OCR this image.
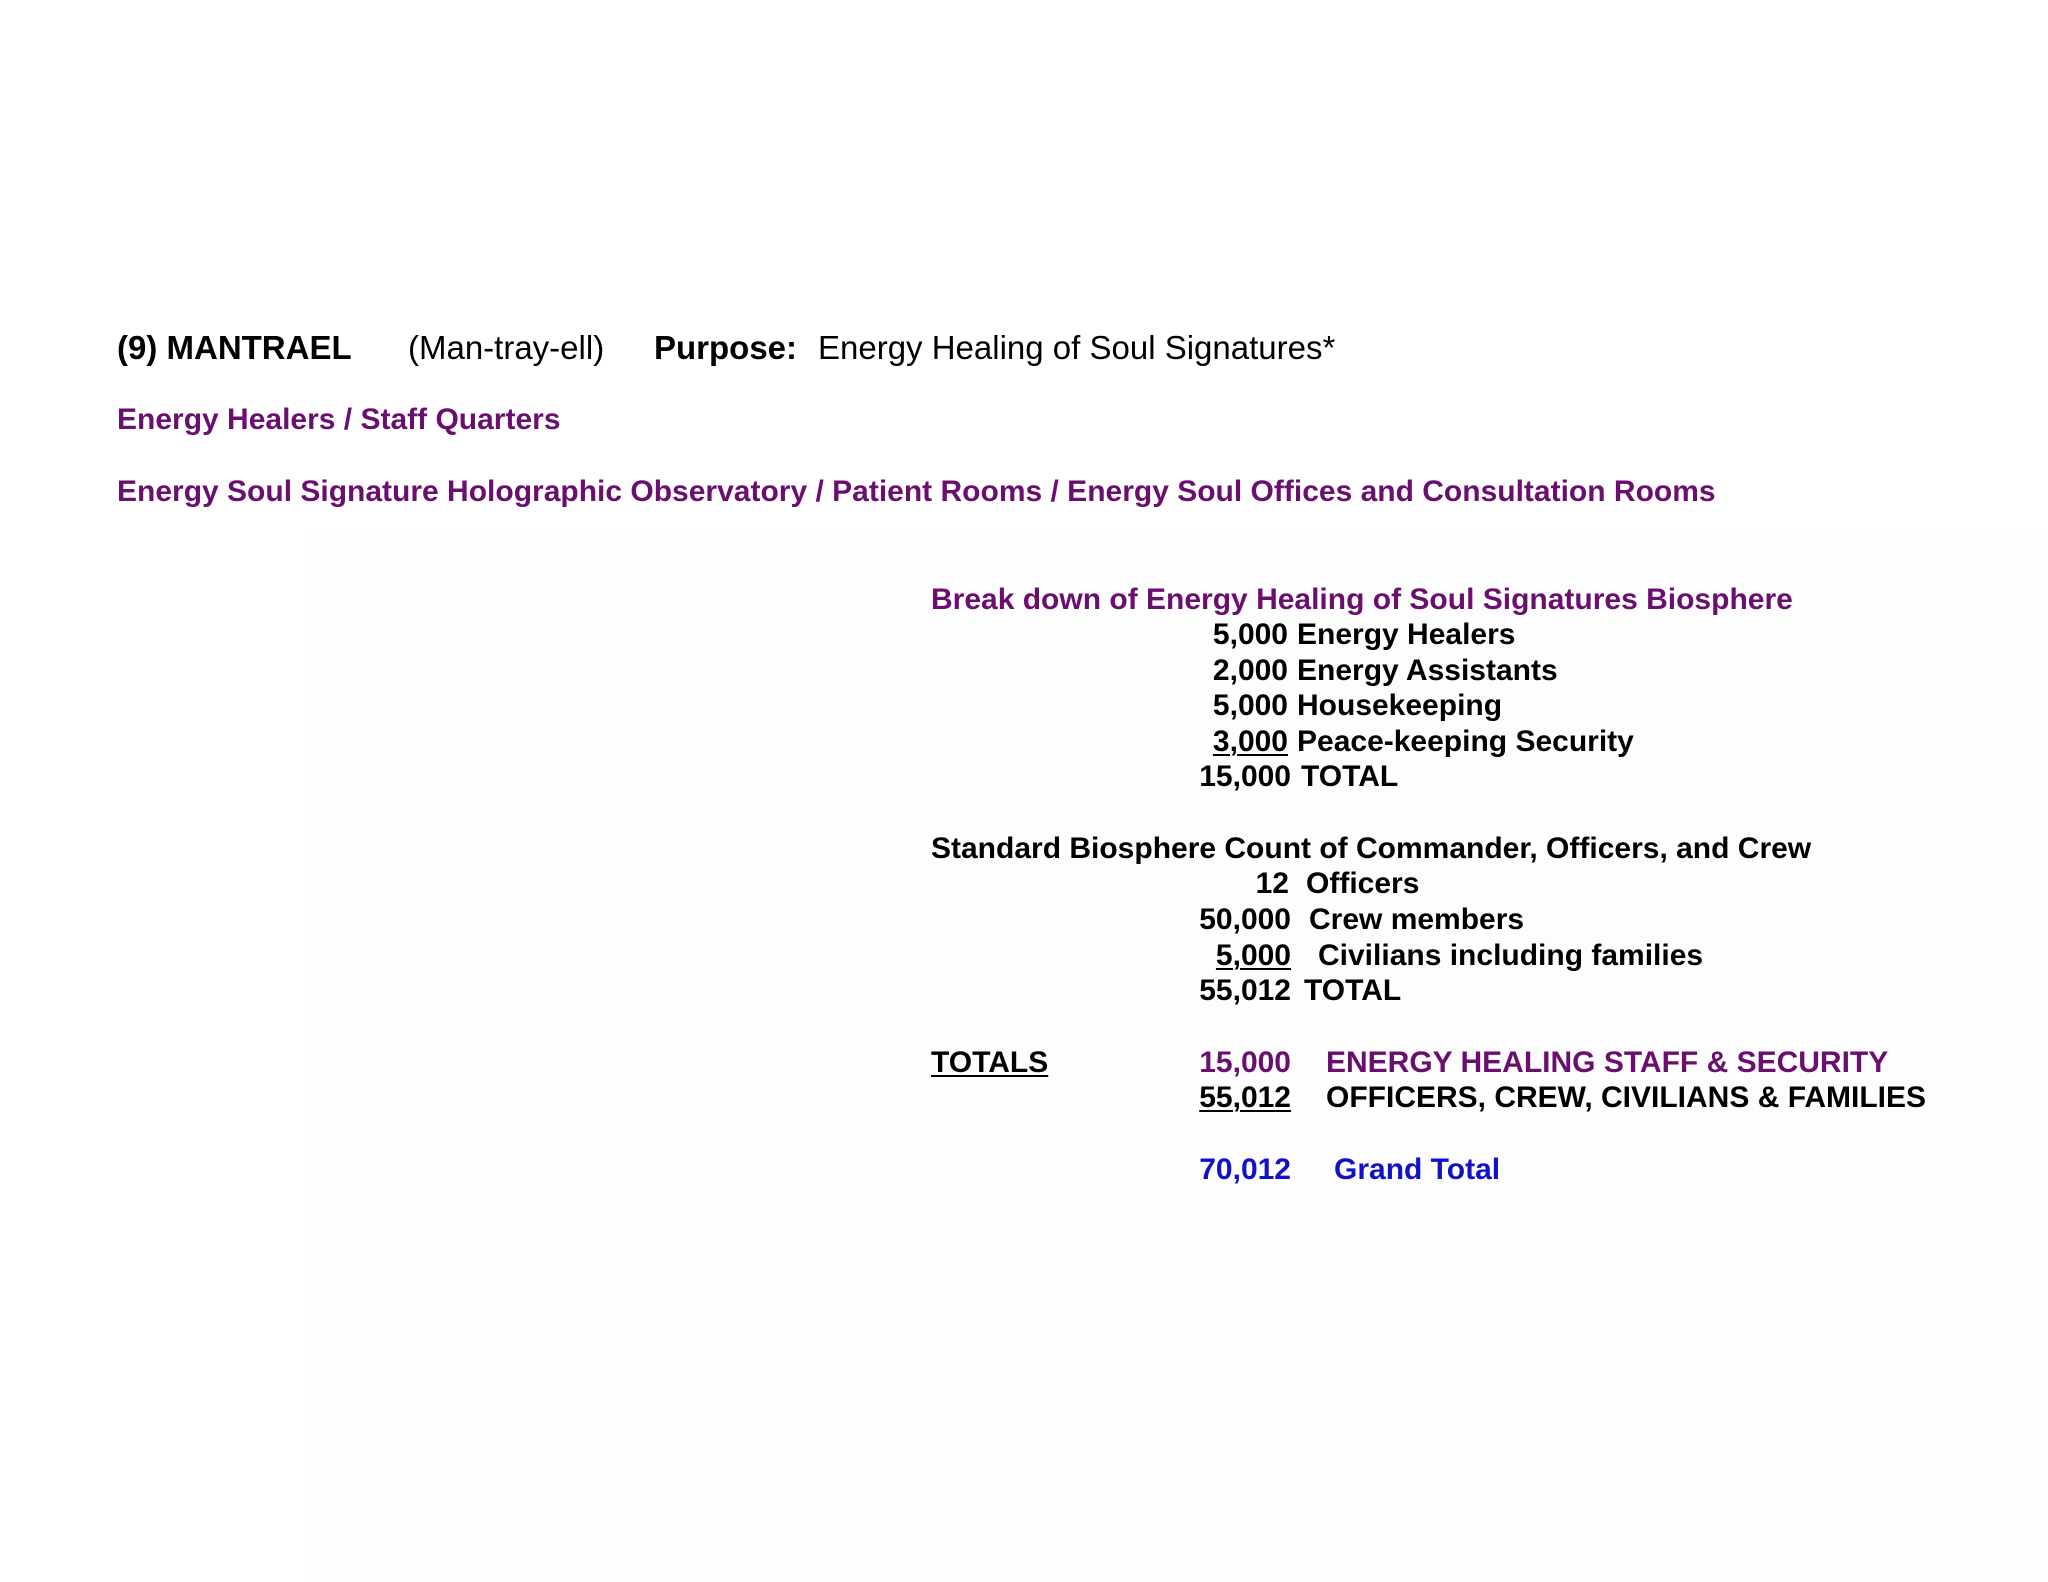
(9) MANTRAEL (Man-tray-ell) Purpose: Energy Healing of Soul Signatures*
Energy Healers / Staff Quarters
Energy Soul Signature Holographic Observatory / Patient Rooms / Energy Soul Offices and Consultation Rooms
Break down of Energy Healing of Soul Signatures Biosphere
5,000 Energy Healers
2,000 Energy Assistants
5,000 Housekeeping
3,000 Peace-keeping Security
15,000 TOTAL
Standard Biosphere Count of Commander, Officers, and Crew
12 Officers
50,000 Crew members
5,000 Civilians including families
55,012 TOTAL
TOTALS	15,000 ENERGY HEALING STAFF & SECURITY
55,012 OFFICERS, CREW, CIVILIANS & FAMILIES
70,012 Grand Total
